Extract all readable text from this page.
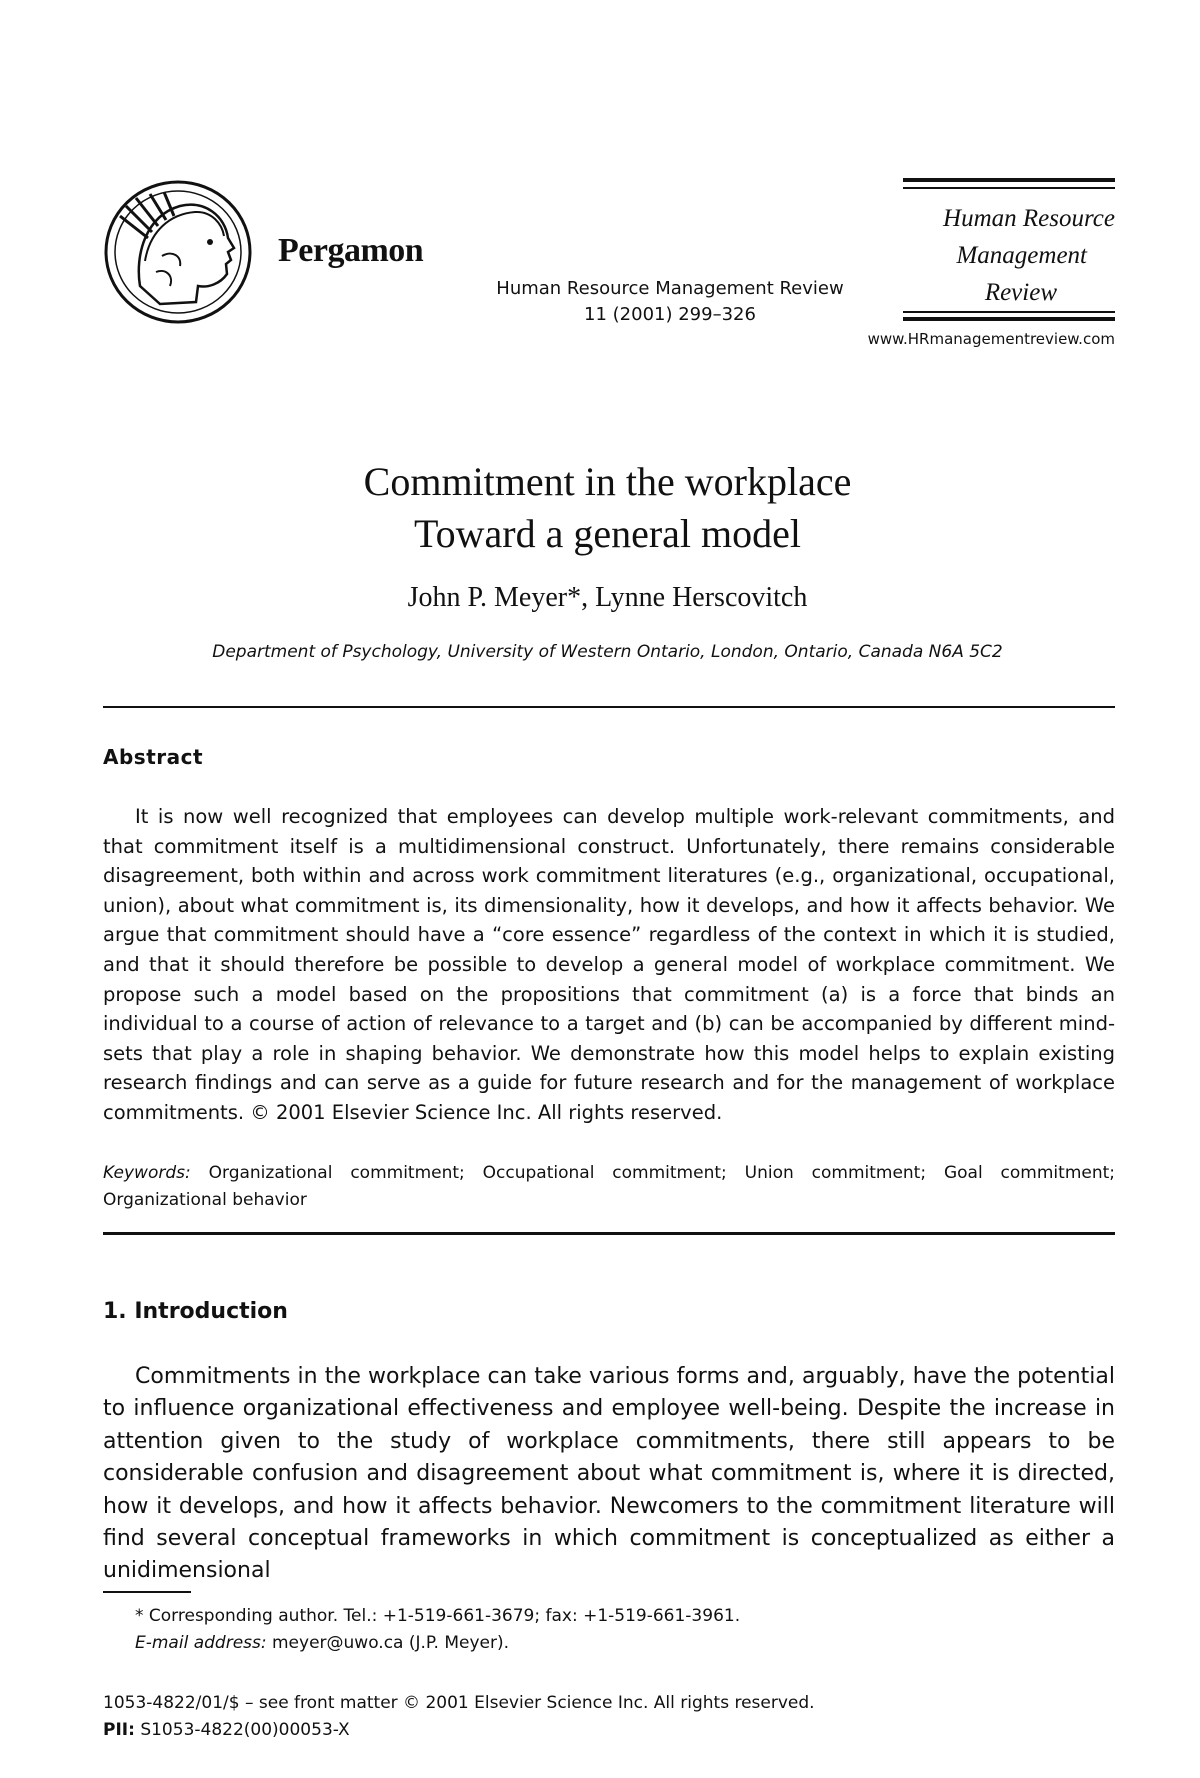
Pergamon
Human Resource Management Review
11 (2001) 299–326
Human Resource
Management
Review
www.HRmanagementreview.com
Commitment in the workplace
Toward a general model
John P. Meyer*, Lynne Herscovitch
Department of Psychology, University of Western Ontario, London, Ontario, Canada N6A 5C2
Abstract
It is now well recognized that employees can develop multiple work-relevant commitments, and that commitment itself is a multidimensional construct. Unfortunately, there remains considerable disagreement, both within and across work commitment literatures (e.g., organizational, occupational, union), about what commitment is, its dimensionality, how it develops, and how it affects behavior. We argue that commitment should have a “core essence” regardless of the context in which it is studied, and that it should therefore be possible to develop a general model of workplace commitment. We propose such a model based on the propositions that commitment (a) is a force that binds an individual to a course of action of relevance to a target and (b) can be accompanied by different mind-sets that play a role in shaping behavior. We demonstrate how this model helps to explain existing research findings and can serve as a guide for future research and for the management of workplace commitments. © 2001 Elsevier Science Inc. All rights reserved.
Keywords: Organizational commitment; Occupational commitment; Union commitment; Goal commitment; Organizational behavior
1. Introduction
Commitments in the workplace can take various forms and, arguably, have the potential to influence organizational effectiveness and employee well-being. Despite the increase in attention given to the study of workplace commitments, there still appears to be considerable confusion and disagreement about what commitment is, where it is directed, how it develops, and how it affects behavior. Newcomers to the commitment literature will find several conceptual frameworks in which commitment is conceptualized as either a unidimensional
* Corresponding author. Tel.: +1-519-661-3679; fax: +1-519-661-3961.
E-mail address: meyer@uwo.ca (J.P. Meyer).
1053-4822/01/$ – see front matter © 2001 Elsevier Science Inc. All rights reserved.
PII: S1053-4822(00)00053-X
